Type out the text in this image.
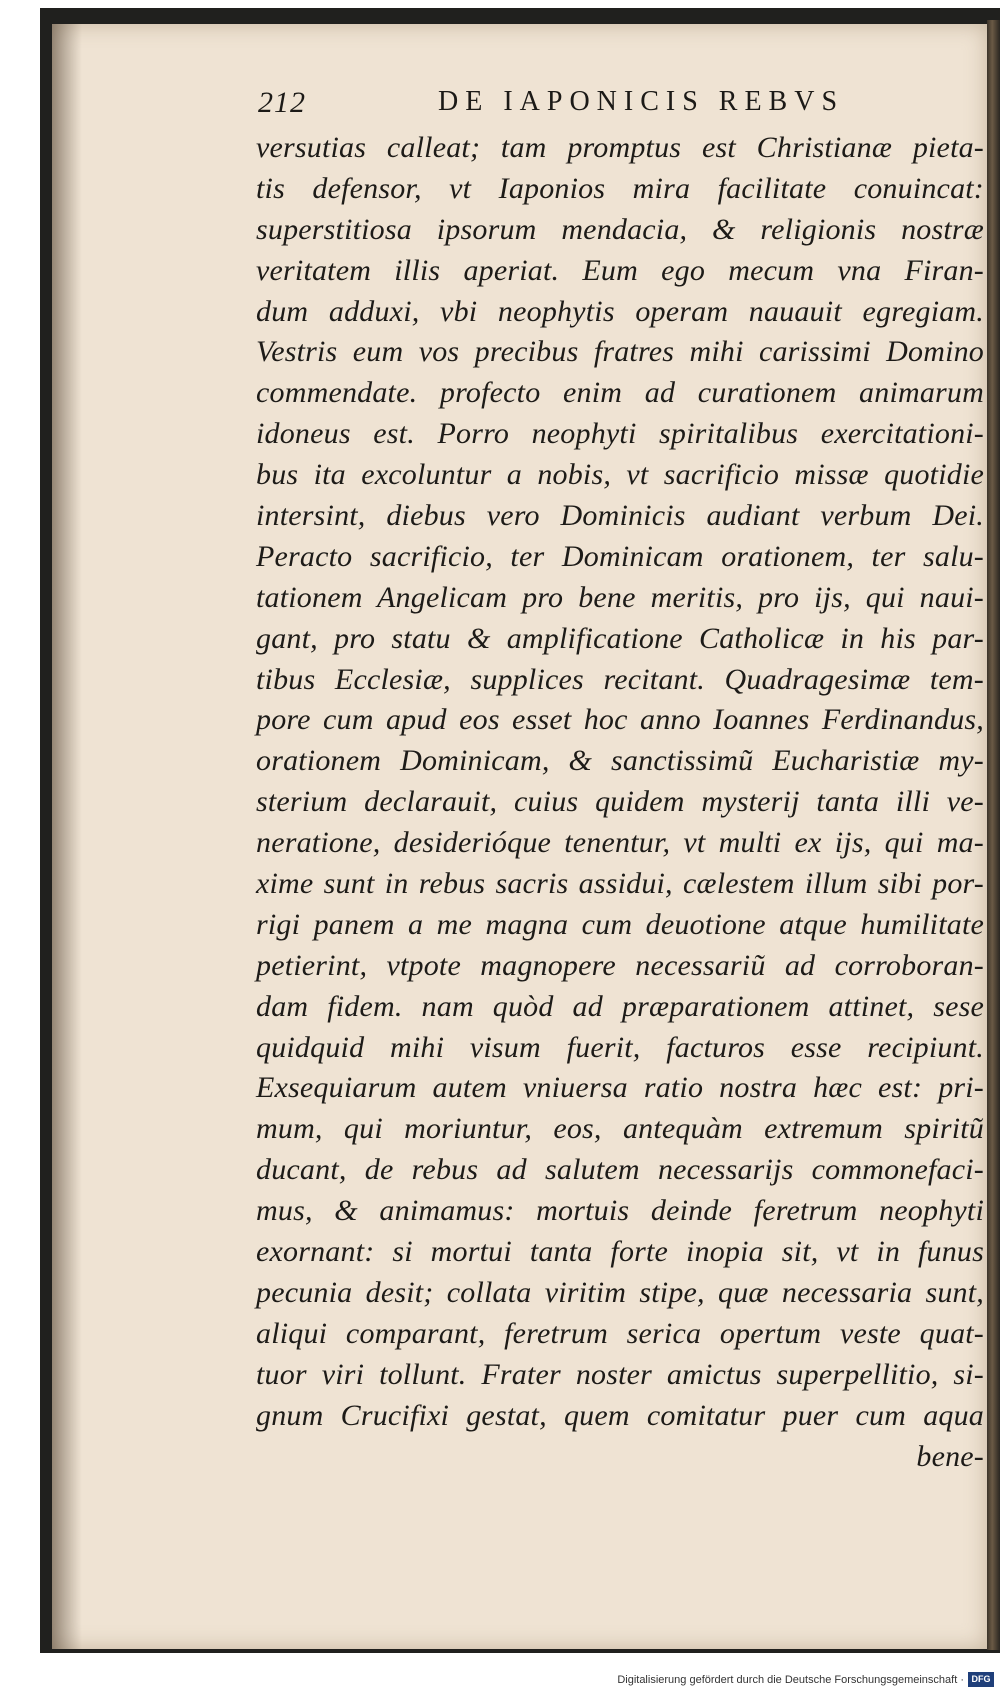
212	DE IAPONICIS REBVS
versutias calleat; tam promptus est Christianæ pieta-
tis defensor, vt Iaponios mira facilitate conuincat:
superstitiosa ipsorum mendacia, & religionis nostræ
veritatem illis aperiat. Eum ego mecum vna Firan-
dum adduxi, vbi neophytis operam nauauit egregiam.
Vestris eum vos precibus fratres mihi carissimi Domino
commendate. profecto enim ad curationem animarum
idoneus est. Porro neophyti spiritalibus exercitationi-
bus ita excoluntur a nobis, vt sacrificio missæ quotidie
intersint, diebus vero Dominicis audiant verbum Dei.
Peracto sacrificio, ter Dominicam orationem, ter salu-
tationem Angelicam pro bene meritis, pro ijs, qui naui-
gant, pro statu & amplificatione Catholicæ in his par-
tibus Ecclesiæ, supplices recitant. Quadragesimæ tem-
pore cum apud eos esset hoc anno Ioannes Ferdinandus,
orationem Dominicam, & sanctissimũ Eucharistiæ my-
sterium declarauit, cuius quidem mysterij tanta illi ve-
neratione, desiderióque tenentur, vt multi ex ijs, qui ma-
xime sunt in rebus sacris assidui, cælestem illum sibi por-
rigi panem a me magna cum deuotione atque humilitate
petierint, vtpote magnopere necessariũ ad corroboran-
dam fidem. nam quòd ad præparationem attinet, sese
quidquid mihi visum fuerit, facturos esse recipiunt.
Exsequiarum autem vniuersa ratio nostra hæc est: pri-
mum, qui moriuntur, eos, antequàm extremum spiritũ
ducant, de rebus ad salutem necessarijs commonefaci-
mus, & animamus: mortuis deinde feretrum neophyti
exornant: si mortui tanta forte inopia sit, vt in funus
pecunia desit; collata viritim stipe, quæ necessaria sunt,
aliqui comparant, feretrum serica opertum veste quat-
tuor viri tollunt. Frater noster amictus superpellitio, si-
gnum Crucifixi gestat, quem comitatur puer cum aqua
bene-
Digitalisierung gefördert durch die Deutsche Forschungsgemeinschaft · DFG
